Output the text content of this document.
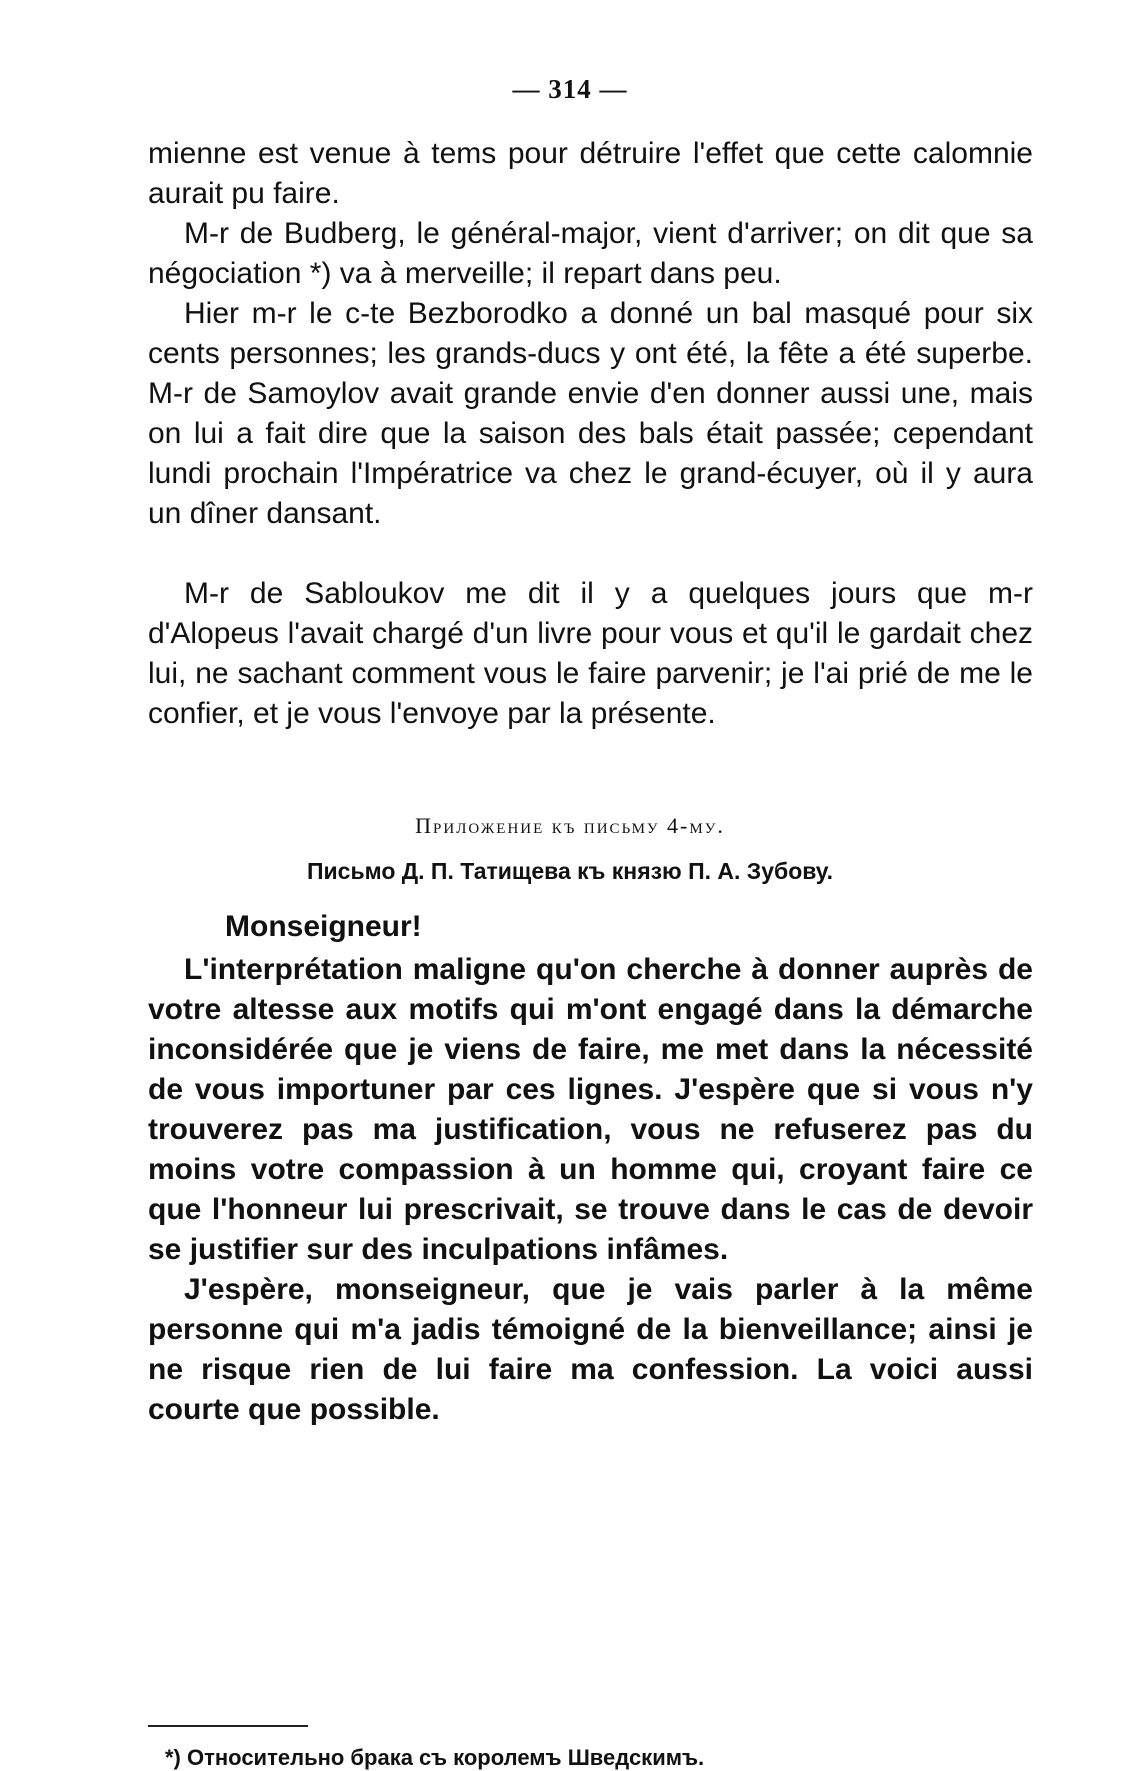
— 314 —

mienne est venue à tems pour détruire l'effet que cette calomnie aurait pu faire.

M-r de Budberg, le général-major, vient d'arriver; on dit que sa négociation *) va à merveille; il repart dans peu.

Hier m-r le c-te Bezborodko a donné un bal masqué pour six cents personnes; les grands-ducs y ont été, la fête a été superbe. M-r de Samoylov avait grande envie d'en donner aussi une, mais on lui a fait dire que la saison des bals était passée; cependant lundi prochain l'Impératrice va chez le grand-écuyer, où il y aura un dîner dansant.

M-r de Sabloukov me dit il y a quelques jours que m-r d'Alopeus l'avait chargé d'un livre pour vous et qu'il le gardait chez lui, ne sachant comment vous le faire parvenir; je l'ai prié de me le confier, et je vous l'envoye par la présente.

Приложение къ письму 4-му.
Письмо Д. П. Татищева къ князю П. А. Зубову.
Monseigneur!

L'interprétation maligne qu'on cherche à donner auprès de votre altesse aux motifs qui m'ont engagé dans la démarche inconsidérée que je viens de faire, me met dans la nécessité de vous importuner par ces lignes. J'espère que si vous n'y trouverez pas ma justification, vous ne refuserez pas du moins votre compassion à un homme qui, croyant faire ce que l'honneur lui prescrivait, se trouve dans le cas de devoir se justifier sur des inculpations infâmes.

J'espère, monseigneur, que je vais parler à la même personne qui m'a jadis témoigné de la bienveillance; ainsi je ne risque rien de lui faire ma confession. La voici aussi courte que possible.

*) Относительно брака съ королемъ Шведскимъ.
